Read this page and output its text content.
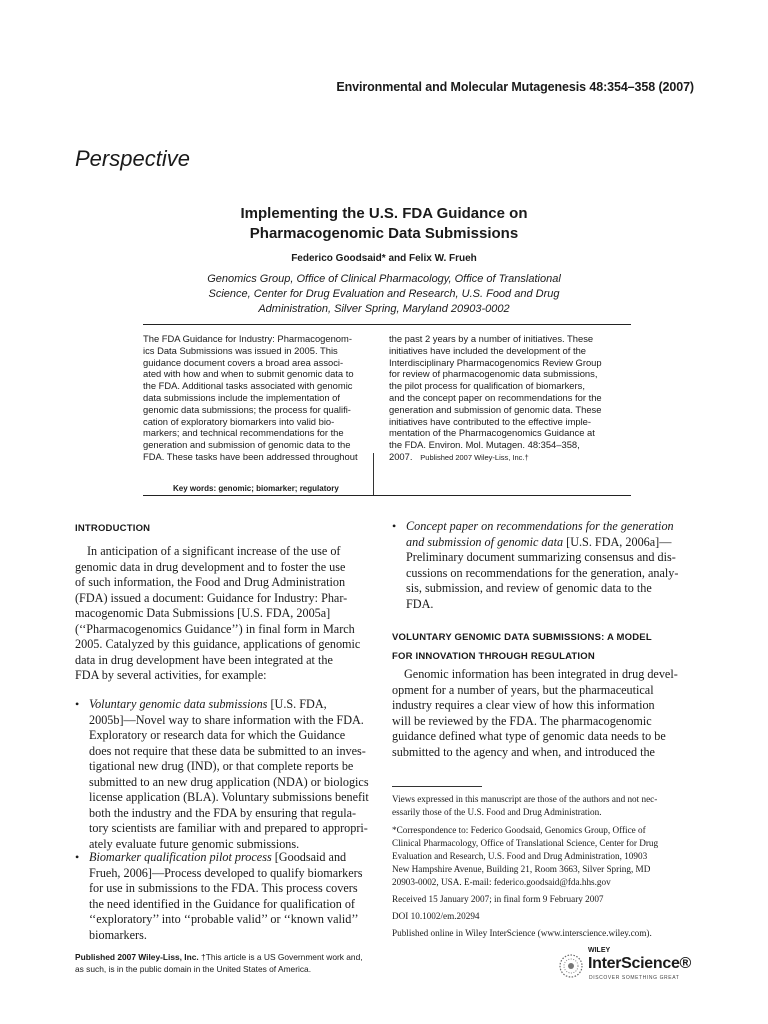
Environmental and Molecular Mutagenesis 48:354–358 (2007)
Perspective
Implementing the U.S. FDA Guidance on
Pharmacogenomic Data Submissions
Federico Goodsaid* and Felix W. Frueh
Genomics Group, Office of Clinical Pharmacology, Office of Translational
Science, Center for Drug Evaluation and Research, U.S. Food and Drug
Administration, Silver Spring, Maryland 20903-0002
The FDA Guidance for Industry: Pharmacogenom-
ics Data Submissions was issued in 2005. This
guidance document covers a broad area associ-
ated with how and when to submit genomic data to
the FDA. Additional tasks associated with genomic
data submissions include the implementation of
genomic data submissions; the process for qualifi-
cation of exploratory biomarkers into valid bio-
markers; and technical recommendations for the
generation and submission of genomic data to the
FDA. These tasks have been addressed throughout
the past 2 years by a number of initiatives. These
initiatives have included the development of the
Interdisciplinary Pharmacogenomics Review Group
for review of pharmacogenomic data submissions,
the pilot process for qualification of biomarkers,
and the concept paper on recommendations for the
generation and submission of genomic data. These
initiatives have contributed to the effective imple-
mentation of the Pharmacogenomics Guidance at
the FDA. Environ. Mol. Mutagen. 48:354–358,
2007. Published 2007 Wiley-Liss, Inc.†
Key words: genomic; biomarker; regulatory
INTRODUCTION
In anticipation of a significant increase of the use of
genomic data in drug development and to foster the use
of such information, the Food and Drug Administration
(FDA) issued a document: Guidance for Industry: Phar-
macogenomic Data Submissions [U.S. FDA, 2005a]
(‘‘Pharmacogenomics Guidance’’) in final form in March
2005. Catalyzed by this guidance, applications of genomic
data in drug development have been integrated at the
FDA by several activities, for example:
• Voluntary genomic data submissions [U.S. FDA,
2005b]—Novel way to share information with the FDA.
Exploratory or research data for which the Guidance
does not require that these data be submitted to an inves-
tigational new drug (IND), or that complete reports be
submitted to an new drug application (NDA) or biologics
license application (BLA). Voluntary submissions benefit
both the industry and the FDA by ensuring that regula-
tory scientists are familiar with and prepared to appropri-
ately evaluate future genomic submissions.
• Biomarker qualification pilot process [Goodsaid and
Frueh, 2006]—Process developed to qualify biomarkers
for use in submissions to the FDA. This process covers
the need identified in the Guidance for qualification of
‘‘exploratory’’ into ‘‘probable valid’’ or ‘‘known valid’’
biomarkers.
• Concept paper on recommendations for the generation
and submission of genomic data [U.S. FDA, 2006a]—
Preliminary document summarizing consensus and dis-
cussions on recommendations for the generation, analy-
sis, submission, and review of genomic data to the
FDA.
VOLUNTARY GENOMIC DATA SUBMISSIONS: A MODEL
FOR INNOVATION THROUGH REGULATION
Genomic information has been integrated in drug devel-
opment for a number of years, but the pharmaceutical
industry requires a clear view of how this information
will be reviewed by the FDA. The pharmacogenomic
guidance defined what type of genomic data needs to be
submitted to the agency and when, and introduced the
Views expressed in this manuscript are those of the authors and not nec-
essarily those of the U.S. Food and Drug Administration.
*Correspondence to: Federico Goodsaid, Genomics Group, Office of
Clinical Pharmacology, Office of Translational Science, Center for Drug
Evaluation and Research, U.S. Food and Drug Administration, 10903
New Hampshire Avenue, Building 21, Room 3663, Silver Spring, MD
20903-0002, USA. E-mail: federico.goodsaid@fda.hhs.gov
Received 15 January 2007; in final form 9 February 2007
DOI 10.1002/em.20294
Published online in Wiley InterScience (www.interscience.wiley.com).
Published 2007 Wiley-Liss, Inc. †This article is a US Government work and,
as such, is in the public domain in the United States of America.
WILEY
InterScience®
DISCOVER SOMETHING GREAT
